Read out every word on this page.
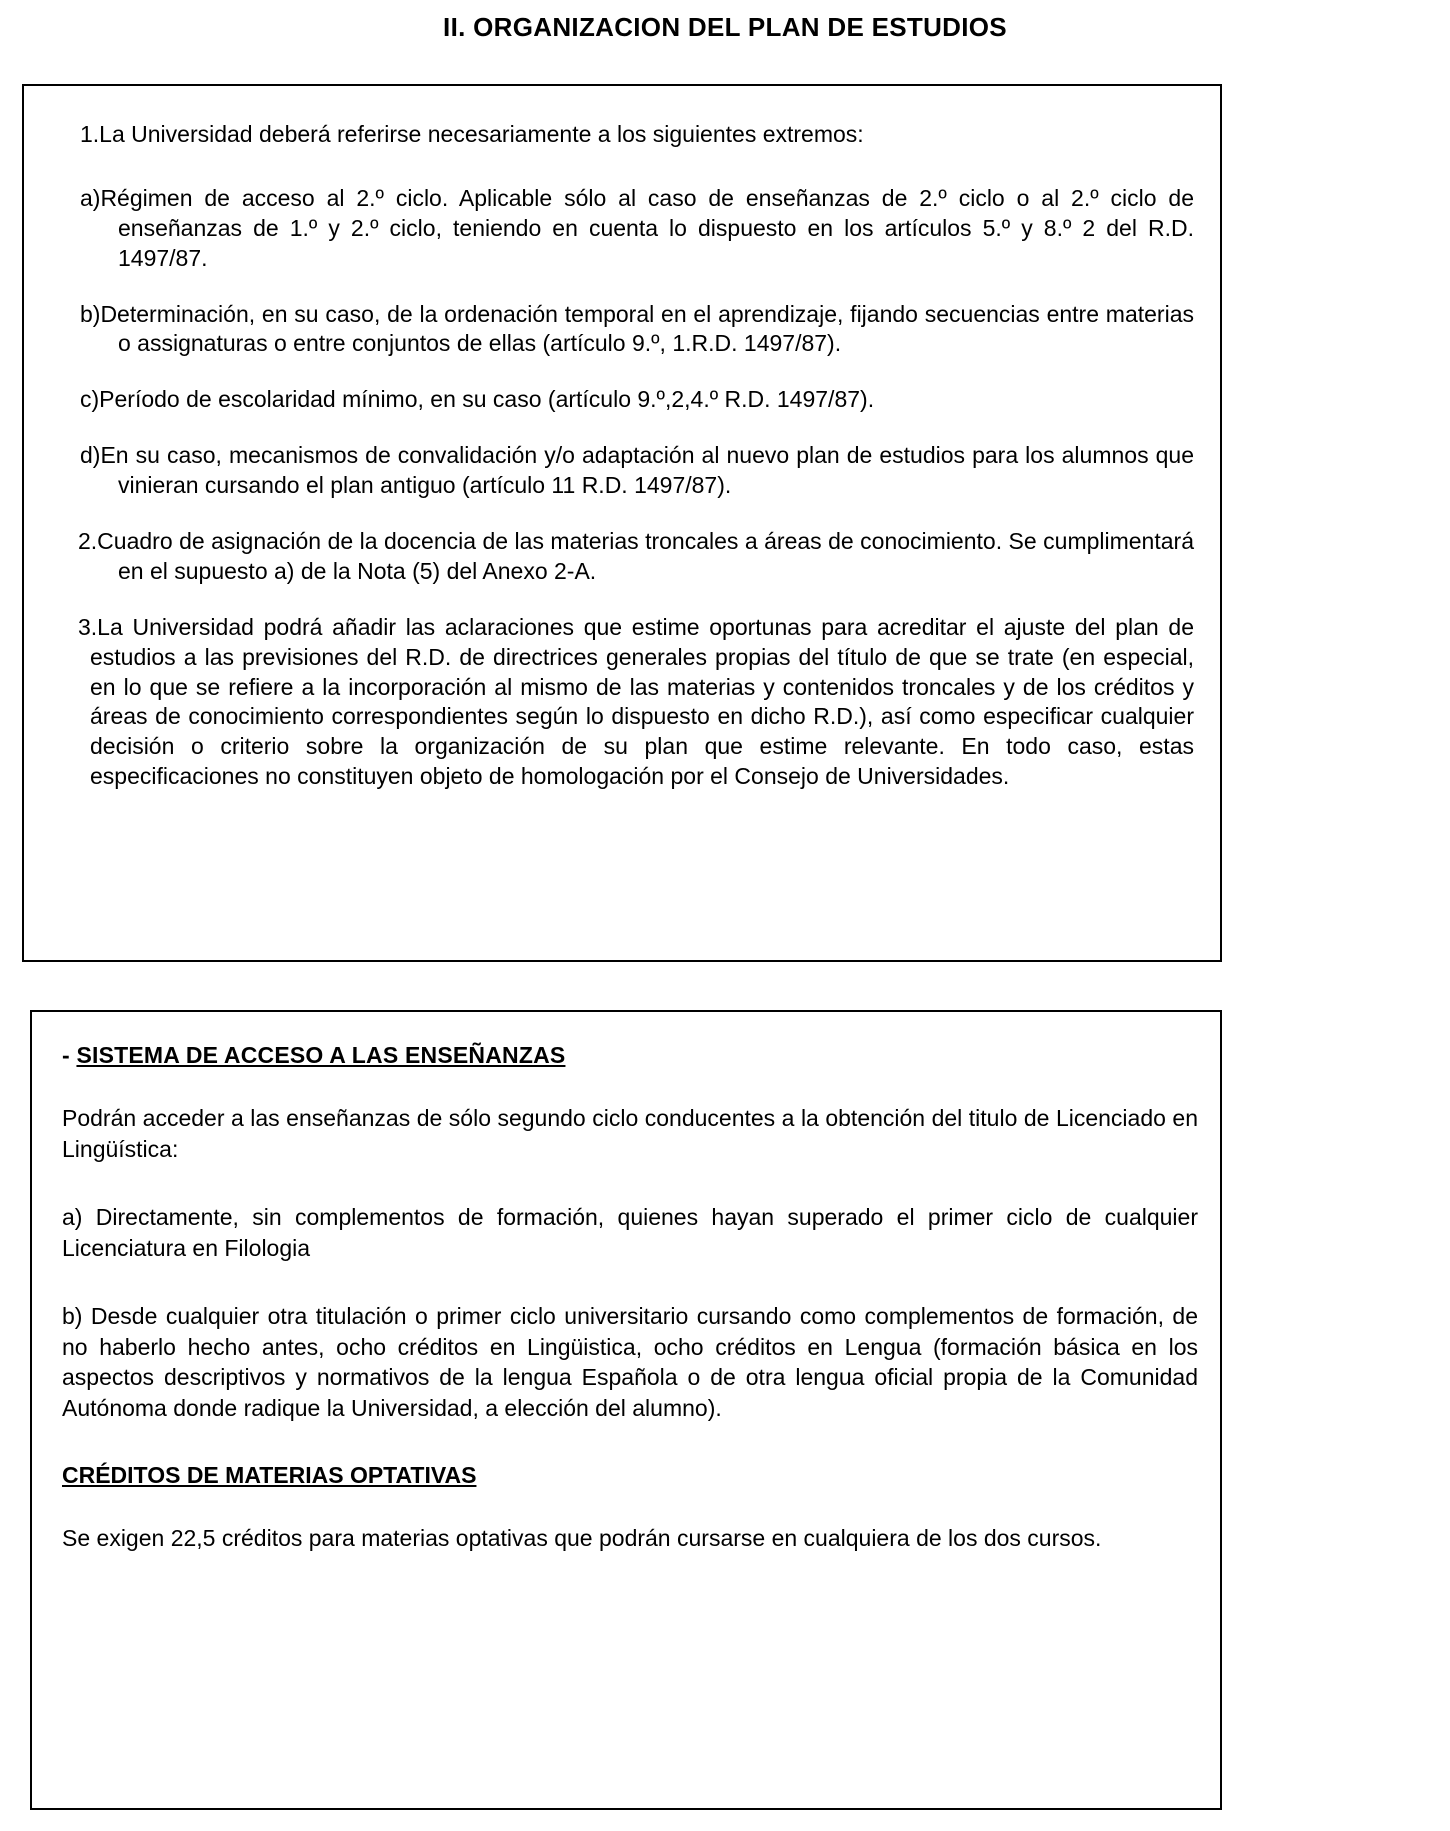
II. ORGANIZACION DEL PLAN DE ESTUDIOS
1.La Universidad deberá referirse necesariamente a los siguientes extremos:
a)Régimen de acceso al 2.º ciclo. Aplicable sólo al caso de enseñanzas de 2.º ciclo o al 2.º ciclo de enseñanzas de 1.º y 2.º ciclo, teniendo en cuenta lo dispuesto en los artículos 5.º y 8.º 2 del R.D. 1497/87.
b)Determinación, en su caso, de la ordenación temporal en el aprendizaje, fijando secuencias entre materias o assignaturas o entre conjuntos de ellas (artículo 9.º, 1.R.D. 1497/87).
c)Período de escolaridad mínimo, en su caso (artículo 9.º,2,4.º R.D. 1497/87).
d)En su caso, mecanismos de convalidación y/o adaptación al nuevo plan de estudios para los alumnos que vinieran cursando el plan antiguo (artículo 11 R.D. 1497/87).
2.Cuadro de asignación de la docencia de las materias troncales a áreas de conocimiento. Se cumplimentará en el supuesto a) de la Nota (5) del Anexo 2-A.
3.La Universidad podrá añadir las aclaraciones que estime oportunas para acreditar el ajuste del plan de estudios a las previsiones del R.D. de directrices generales propias del título de que se trate (en especial, en lo que se refiere a la incorporación al mismo de las materias y contenidos troncales y de los créditos y áreas de conocimiento correspondientes según lo dispuesto en dicho R.D.), así como especificar cualquier decisión o criterio sobre la organización de su plan que estime relevante. En todo caso, estas especificaciones no constituyen objeto de homologación por el Consejo de Universidades.
- SISTEMA DE ACCESO A LAS ENSEÑANZAS
Podrán acceder a las enseñanzas de sólo segundo ciclo conducentes a la obtención del titulo de Licenciado en Lingüística:
a) Directamente, sin complementos de formación, quienes hayan superado el primer ciclo de cualquier Licenciatura en Filologia
b) Desde cualquier otra titulación o primer ciclo universitario cursando como complementos de formación, de no haberlo hecho antes, ocho créditos en Lingüistica, ocho créditos en Lengua (formación básica en los aspectos descriptivos y normativos de la lengua Española o de otra lengua oficial propia de la Comunidad Autónoma donde radique la Universidad, a elección del alumno).
CRÉDITOS DE MATERIAS OPTATIVAS
Se exigen 22,5 créditos para materias optativas que podrán cursarse en cualquiera de los dos cursos.
